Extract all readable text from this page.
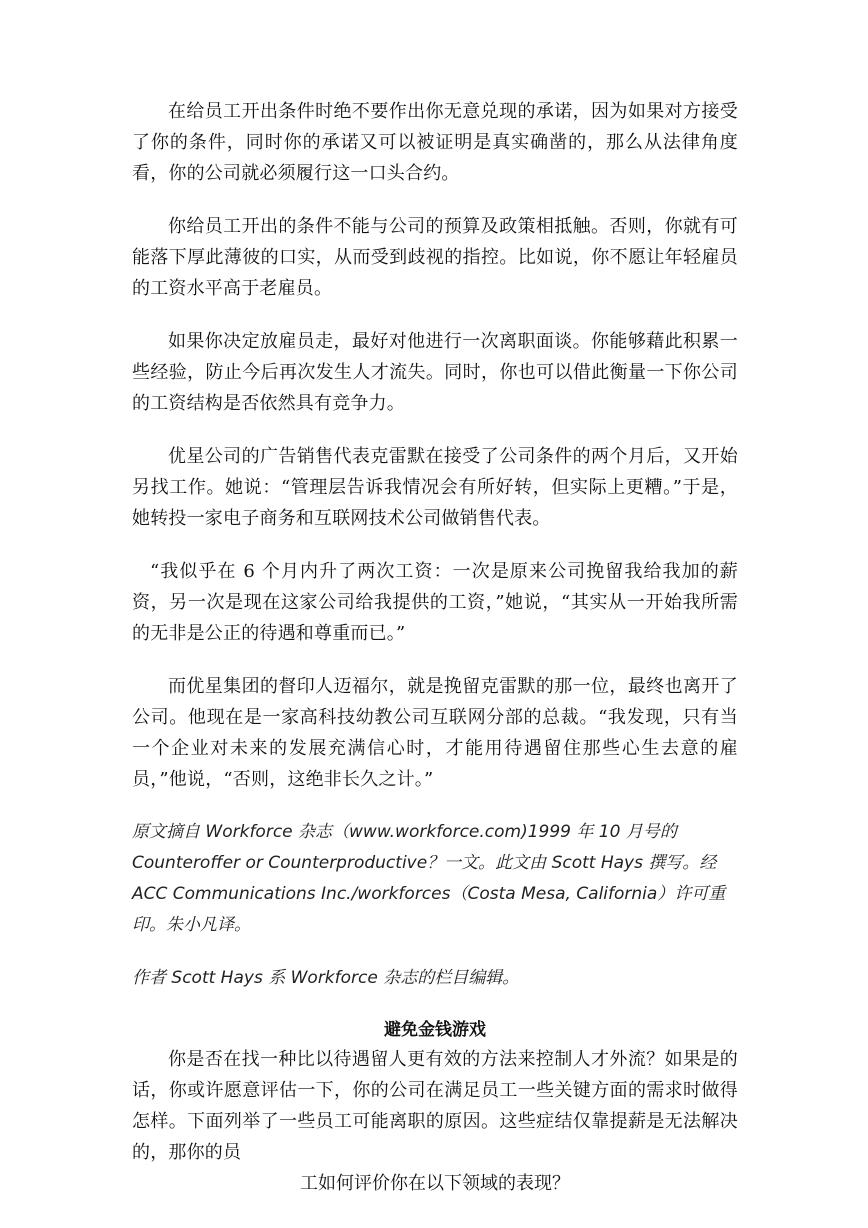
在给员工开出条件时绝不要作出你无意兑现的承诺，因为如果对方接受了你的条件，同时你的承诺又可以被证明是真实确凿的，那么从法律角度看，你的公司就必须履行这一口头合约。

你给员工开出的条件不能与公司的预算及政策相抵触。否则，你就有可能落下厚此薄彼的口实，从而受到歧视的指控。比如说，你不愿让年轻雇员的工资水平高于老雇员。

如果你决定放雇员走，最好对他进行一次离职面谈。你能够藉此积累一些经验，防止今后再次发生人才流失。同时，你也可以借此衡量一下你公司的工资结构是否依然具有竞争力。

优星公司的广告销售代表克雷默在接受了公司条件的两个月后，又开始另找工作。她说：“管理层告诉我情况会有所好转，但实际上更糟。”于是，她转投一家电子商务和互联网技术公司做销售代表。

“我似乎在 6 个月内升了两次工资：一次是原来公司挽留我给我加的薪资，另一次是现在这家公司给我提供的工资，”她说，“其实从一开始我所需的无非是公正的待遇和尊重而已。”

而优星集团的督印人迈福尔，就是挽留克雷默的那一位，最终也离开了公司。他现在是一家高科技幼教公司互联网分部的总裁。“我发现，只有当一个企业对未来的发展充满信心时，才能用待遇留住那些心生去意的雇员，”他说，“否则，这绝非长久之计。”

原文摘自 Workforce 杂志（www.workforce.com)1999 年 10 月号的 Counteroffer or Counterproductive？一文。此文由 Scott Hays 撰写。经 ACC Communications Inc./workforces（Costa Mesa, California）许可重印。朱小凡译。

作者 Scott Hays 系 Workforce 杂志的栏目编辑。

避免金钱游戏

你是否在找一种比以待遇留人更有效的方法来控制人才外流？如果是的话，你或许愿意评估一下，你的公司在满足员工一些关键方面的需求时做得怎样。下面列举了一些员工可能离职的原因。这些症结仅靠提薪是无法解决的，那你的员

工如何评价你在以下领域的表现？
